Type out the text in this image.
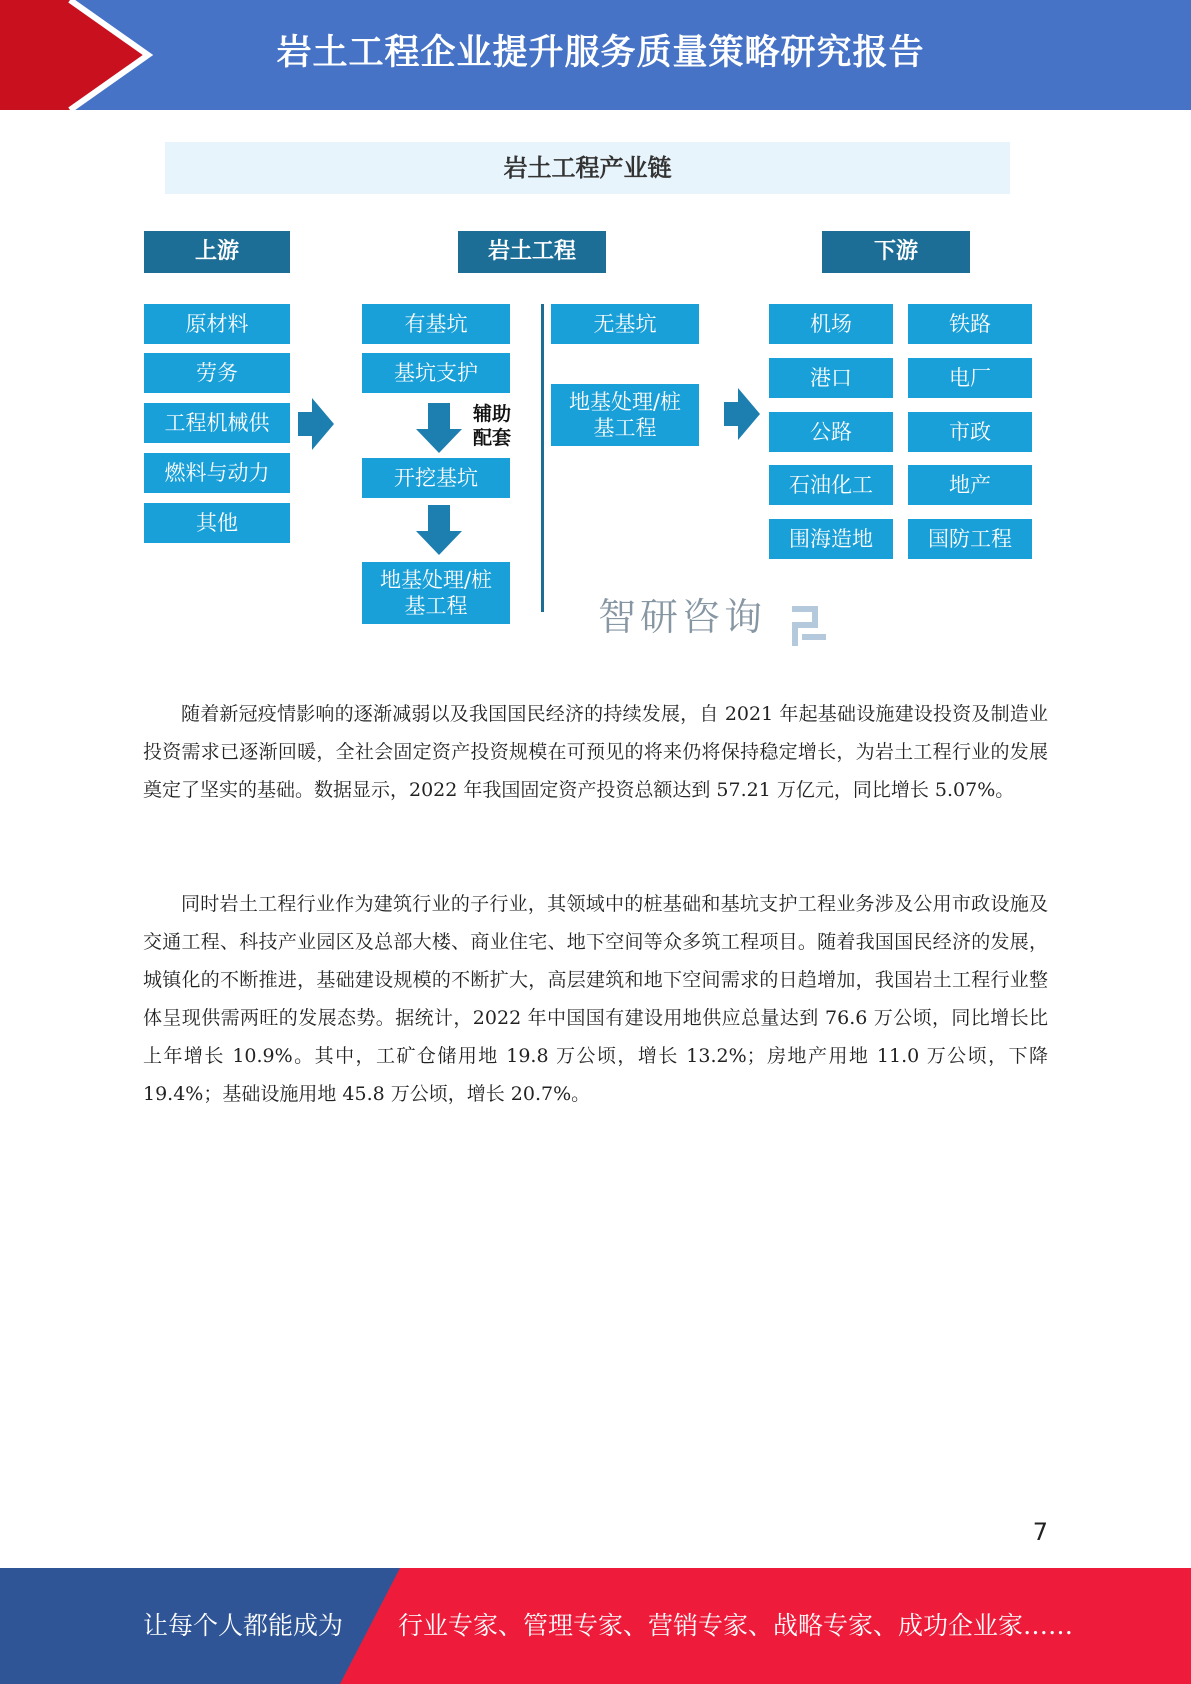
岩土工程企业提升服务质量策略研究报告
岩土工程产业链
智研咨询
上游	岩土工程	下游
原材料
劳务
工程机械供
燃料与动力
其他
有基坑
基坑支护
辅助配套
开挖基坑
地基处理/桩基工程
无基坑
地基处理/桩基工程
机场	铁路
港口	电厂
公路	市政
石油化工	地产
围海造地	国防工程

随着新冠疫情影响的逐渐减弱以及我国国民经济的持续发展，自 2021 年起基础设施建设投资及制造业投资需求已逐渐回暖，全社会固定资产投资规模在可预见的将来仍将保持稳定增长，为岩土工程行业的发展奠定了坚实的基础。数据显示，2022 年我国固定资产投资总额达到 57.21 万亿元，同比增长 5.07%。

同时岩土工程行业作为建筑行业的子行业，其领域中的桩基础和基坑支护工程业务涉及公用市政设施及交通工程、科技产业园区及总部大楼、商业住宅、地下空间等众多筑工程项目。随着我国国民经济的发展，城镇化的不断推进，基础建设规模的不断扩大，高层建筑和地下空间需求的日趋增加，我国岩土工程行业整体呈现供需两旺的发展态势。据统计，2022 年中国国有建设用地供应总量达到 76.6 万公顷，同比增长比上年增长 10.9%。其中，工矿仓储用地 19.8 万公顷，增长 13.2%；房地产用地 11.0 万公顷，下降 19.4%；基础设施用地 45.8 万公顷，增长 20.7%。

7
让每个人都能成为 行业专家、管理专家、营销专家、战略专家、成功企业家……
